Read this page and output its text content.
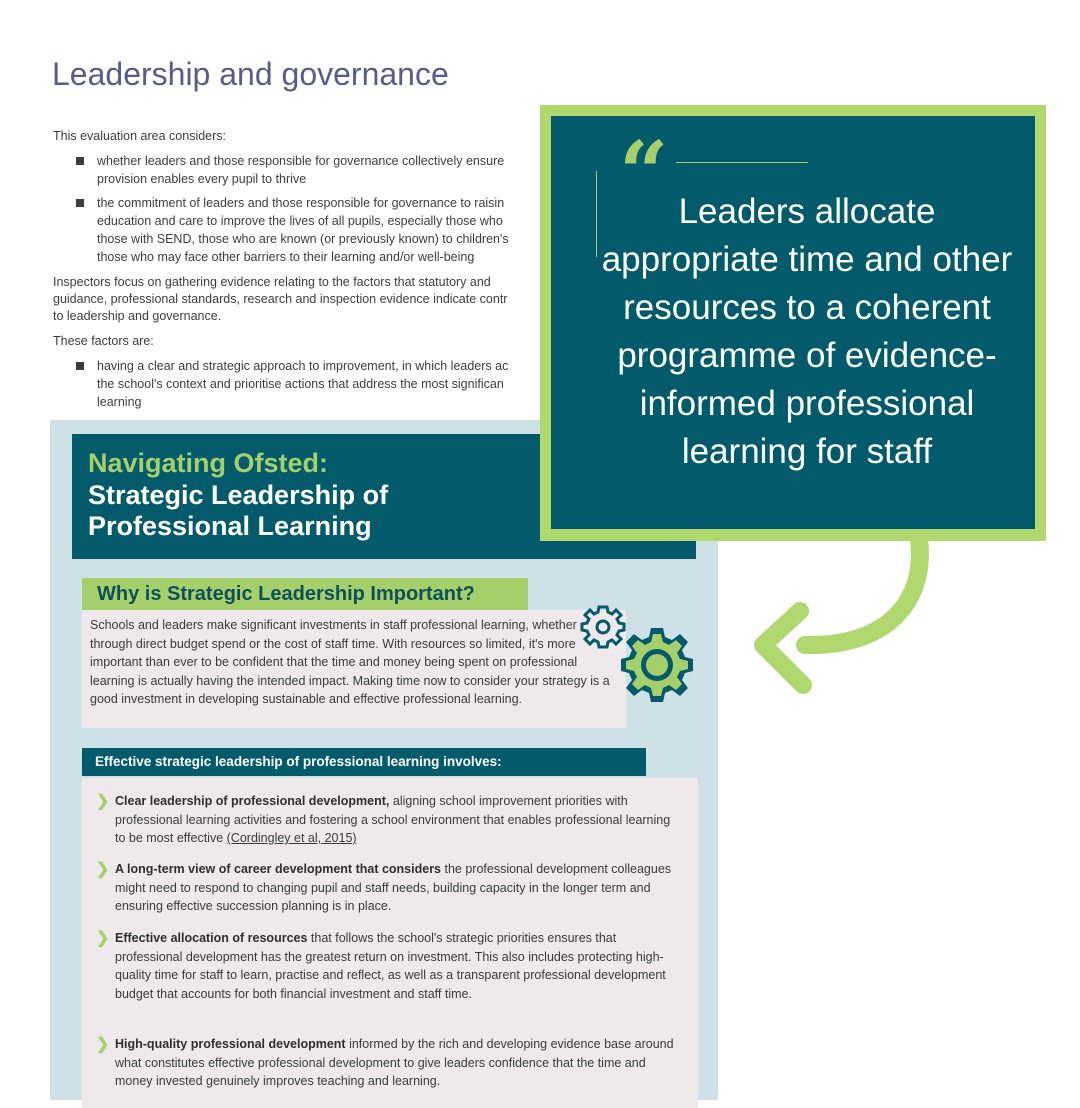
Leadership and governance
This evaluation area considers:
whether leaders and those responsible for governance collectively ensure
provision enables every pupil to thrive
the commitment of leaders and those responsible for governance to raisin
education and care to improve the lives of all pupils, especially those who
those with SEND, those who are known (or previously known) to children's
those who may face other barriers to their learning and/or well-being
Inspectors focus on gathering evidence relating to the factors that statutory and
guidance, professional standards, research and inspection evidence indicate contr
to leadership and governance.
These factors are:
having a clear and strategic approach to improvement, in which leaders ac
the school's context and prioritise actions that address the most significan
learning
Navigating Ofsted:
Strategic Leadership of
Professional Learning
Why is Strategic Leadership Important?

Schools and leaders make significant investments in staff professional learning, whether through direct budget spend or the cost of staff time. With resources so limited, it's more important than ever to be confident that the time and money being spent on professional learning is actually having the intended impact. Making time now to consider your strategy is a good investment in developing sustainable and effective professional learning.

Effective strategic leadership of professional learning involves:
❯ Clear leadership of professional development, aligning school improvement priorities with professional learning activities and fostering a school environment that enables professional learning to be most effective (Cordingley et al, 2015)
❯ A long-term view of career development that considers the professional development colleagues might need to respond to changing pupil and staff needs, building capacity in the longer term and ensuring effective succession planning is in place.
❯ Effective allocation of resources that follows the school's strategic priorities ensures that professional development has the greatest return on investment. This also includes protecting high-quality time for staff to learn, practise and reflect, as well as a transparent professional development budget that accounts for both financial investment and staff time.
❯ High-quality professional development informed by the rich and developing evidence base around what constitutes effective professional development to give leaders confidence that the time and money invested genuinely improves teaching and learning.
“ Leaders allocate appropriate time and other resources to a coherent programme of evidence-informed professional learning for staff
